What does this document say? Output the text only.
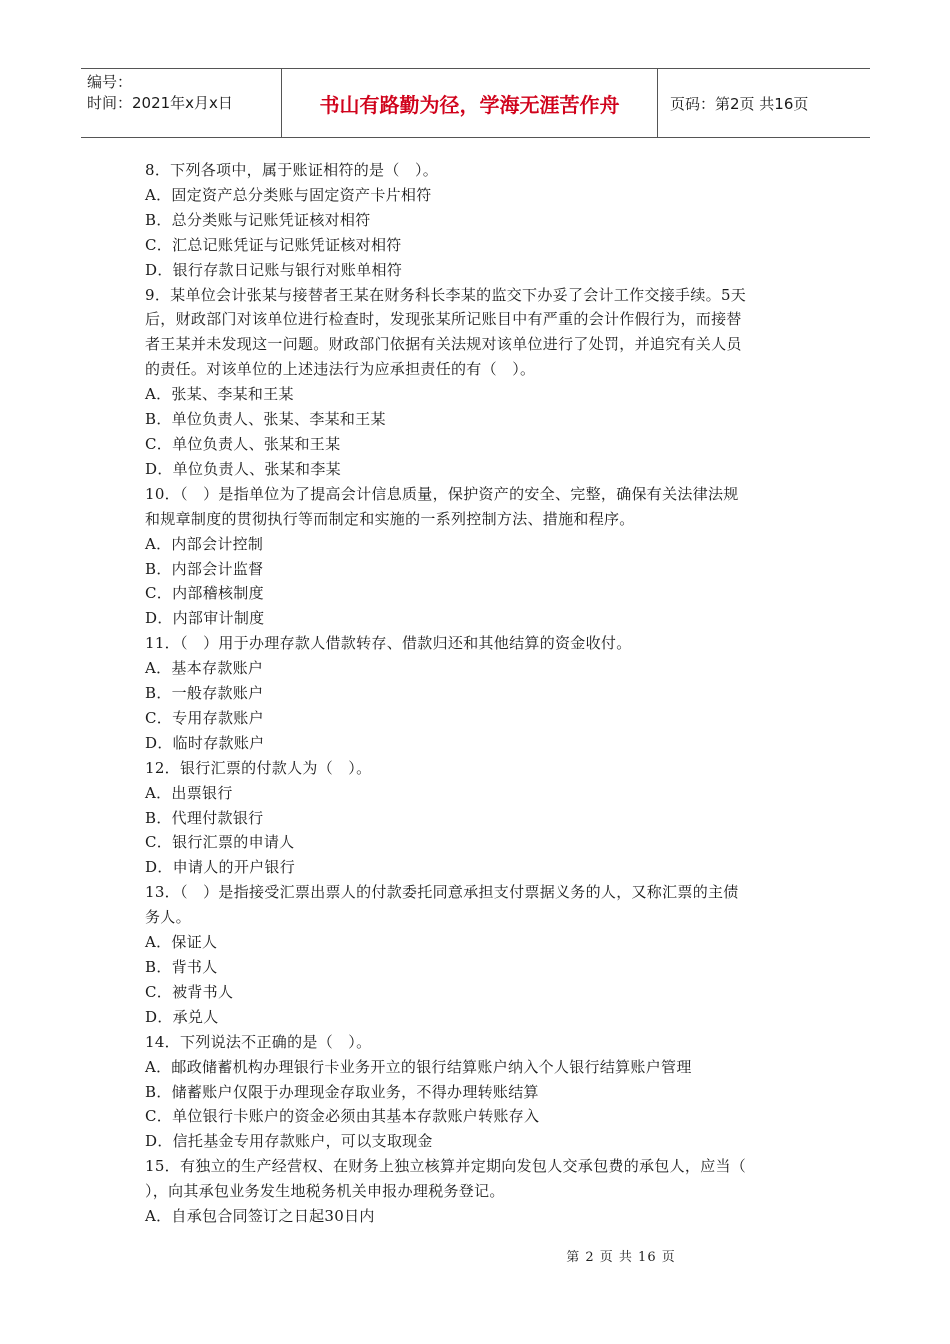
编号：
时间：2021年x月x日	书山有路勤为径，学海无涯苦作舟	页码：第2页 共16页
8．下列各项中，属于账证相符的是（　）。
A．固定资产总分类账与固定资产卡片相符
B．总分类账与记账凭证核对相符
C．汇总记账凭证与记账凭证核对相符
D．银行存款日记账与银行对账单相符
9．某单位会计张某与接替者王某在财务科长李某的监交下办妥了会计工作交接手续。5天
后，财政部门对该单位进行检查时，发现张某所记账目中有严重的会计作假行为，而接替
者王某并未发现这一问题。财政部门依据有关法规对该单位进行了处罚，并追究有关人员
的责任。对该单位的上述违法行为应承担责任的有（　）。
A．张某、李某和王某
B．单位负责人、张某、李某和王某
C．单位负责人、张某和王某
D．单位负责人、张某和李某
10．（　）是指单位为了提高会计信息质量，保护资产的安全、完整，确保有关法律法规
和规章制度的贯彻执行等而制定和实施的一系列控制方法、措施和程序。
A．内部会计控制
B．内部会计监督
C．内部稽核制度
D．内部审计制度
11．（　）用于办理存款人借款转存、借款归还和其他结算的资金收付。
A．基本存款账户
B．一般存款账户
C．专用存款账户
D．临时存款账户
12．银行汇票的付款人为（　）。
A．出票银行
B．代理付款银行
C．银行汇票的申请人
D．申请人的开户银行
13．（　）是指接受汇票出票人的付款委托同意承担支付票据义务的人，又称汇票的主债
务人。
A．保证人
B．背书人
C．被背书人
D．承兑人
14．下列说法不正确的是（　）。
A．邮政储蓄机构办理银行卡业务开立的银行结算账户纳入个人银行结算账户管理
B．储蓄账户仅限于办理现金存取业务，不得办理转账结算
C．单位银行卡账户的资金必须由其基本存款账户转账存入
D．信托基金专用存款账户，可以支取现金
15．有独立的生产经营权、在财务上独立核算并定期向发包人交承包费的承包人，应当（
），向其承包业务发生地税务机关申报办理税务登记。
A．自承包合同签订之日起30日内
第 2 页 共 16 页
